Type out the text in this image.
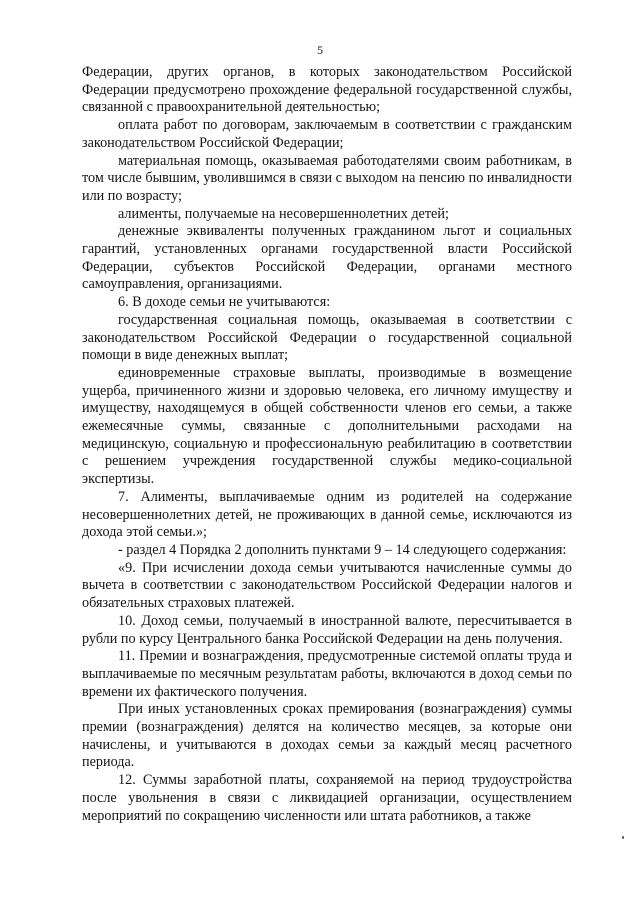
5

Федерации, других органов, в которых законодательством Российской Федерации предусмотрено прохождение федеральной государственной службы, связанной с правоохранительной деятельностью;

оплата работ по договорам, заключаемым в соответствии с гражданским законодательством Российской Федерации;

материальная помощь, оказываемая работодателями своим работникам, в том числе бывшим, уволившимся в связи с выходом на пенсию по инвалидности или по возрасту;

алименты, получаемые на несовершеннолетних детей;

денежные эквиваленты полученных гражданином льгот и социальных гарантий, установленных органами государственной власти Российской Федерации, субъектов Российской Федерации, органами местного самоуправления, организациями.

6. В доходе семьи не учитываются:

государственная социальная помощь, оказываемая в соответствии с законодательством Российской Федерации о государственной социальной помощи в виде денежных выплат;

единовременные страховые выплаты, производимые в возмещение ущерба, причиненного жизни и здоровью человека, его личному имуществу и имуществу, находящемуся в общей собственности членов его семьи, а также ежемесячные суммы, связанные с дополнительными расходами на медицинскую, социальную и профессиональную реабилитацию в соответствии с решением учреждения государственной службы медико-социальной экспертизы.

7. Алименты, выплачиваемые одним из родителей на содержание несовершеннолетних детей, не проживающих в данной семье, исключаются из дохода этой семьи.»;

- раздел 4 Порядка 2 дополнить пунктами 9 – 14 следующего содержания:

«9. При исчислении дохода семьи учитываются начисленные суммы до вычета в соответствии с законодательством Российской Федерации налогов и обязательных страховых платежей.

10. Доход семьи, получаемый в иностранной валюте, пересчитывается в рубли по курсу Центрального банка Российской Федерации на день получения.

11. Премии и вознаграждения, предусмотренные системой оплаты труда и выплачиваемые по месячным результатам работы, включаются в доход семьи по времени их фактического получения.

При иных установленных сроках премирования (вознаграждения) суммы премии (вознаграждения) делятся на количество месяцев, за которые они начислены, и учитываются в доходах семьи за каждый месяц расчетного периода.

12. Суммы заработной платы, сохраняемой на период трудоустройства после увольнения в связи с ликвидацией организации, осуществлением мероприятий по сокращению численности или штата работников, а также
